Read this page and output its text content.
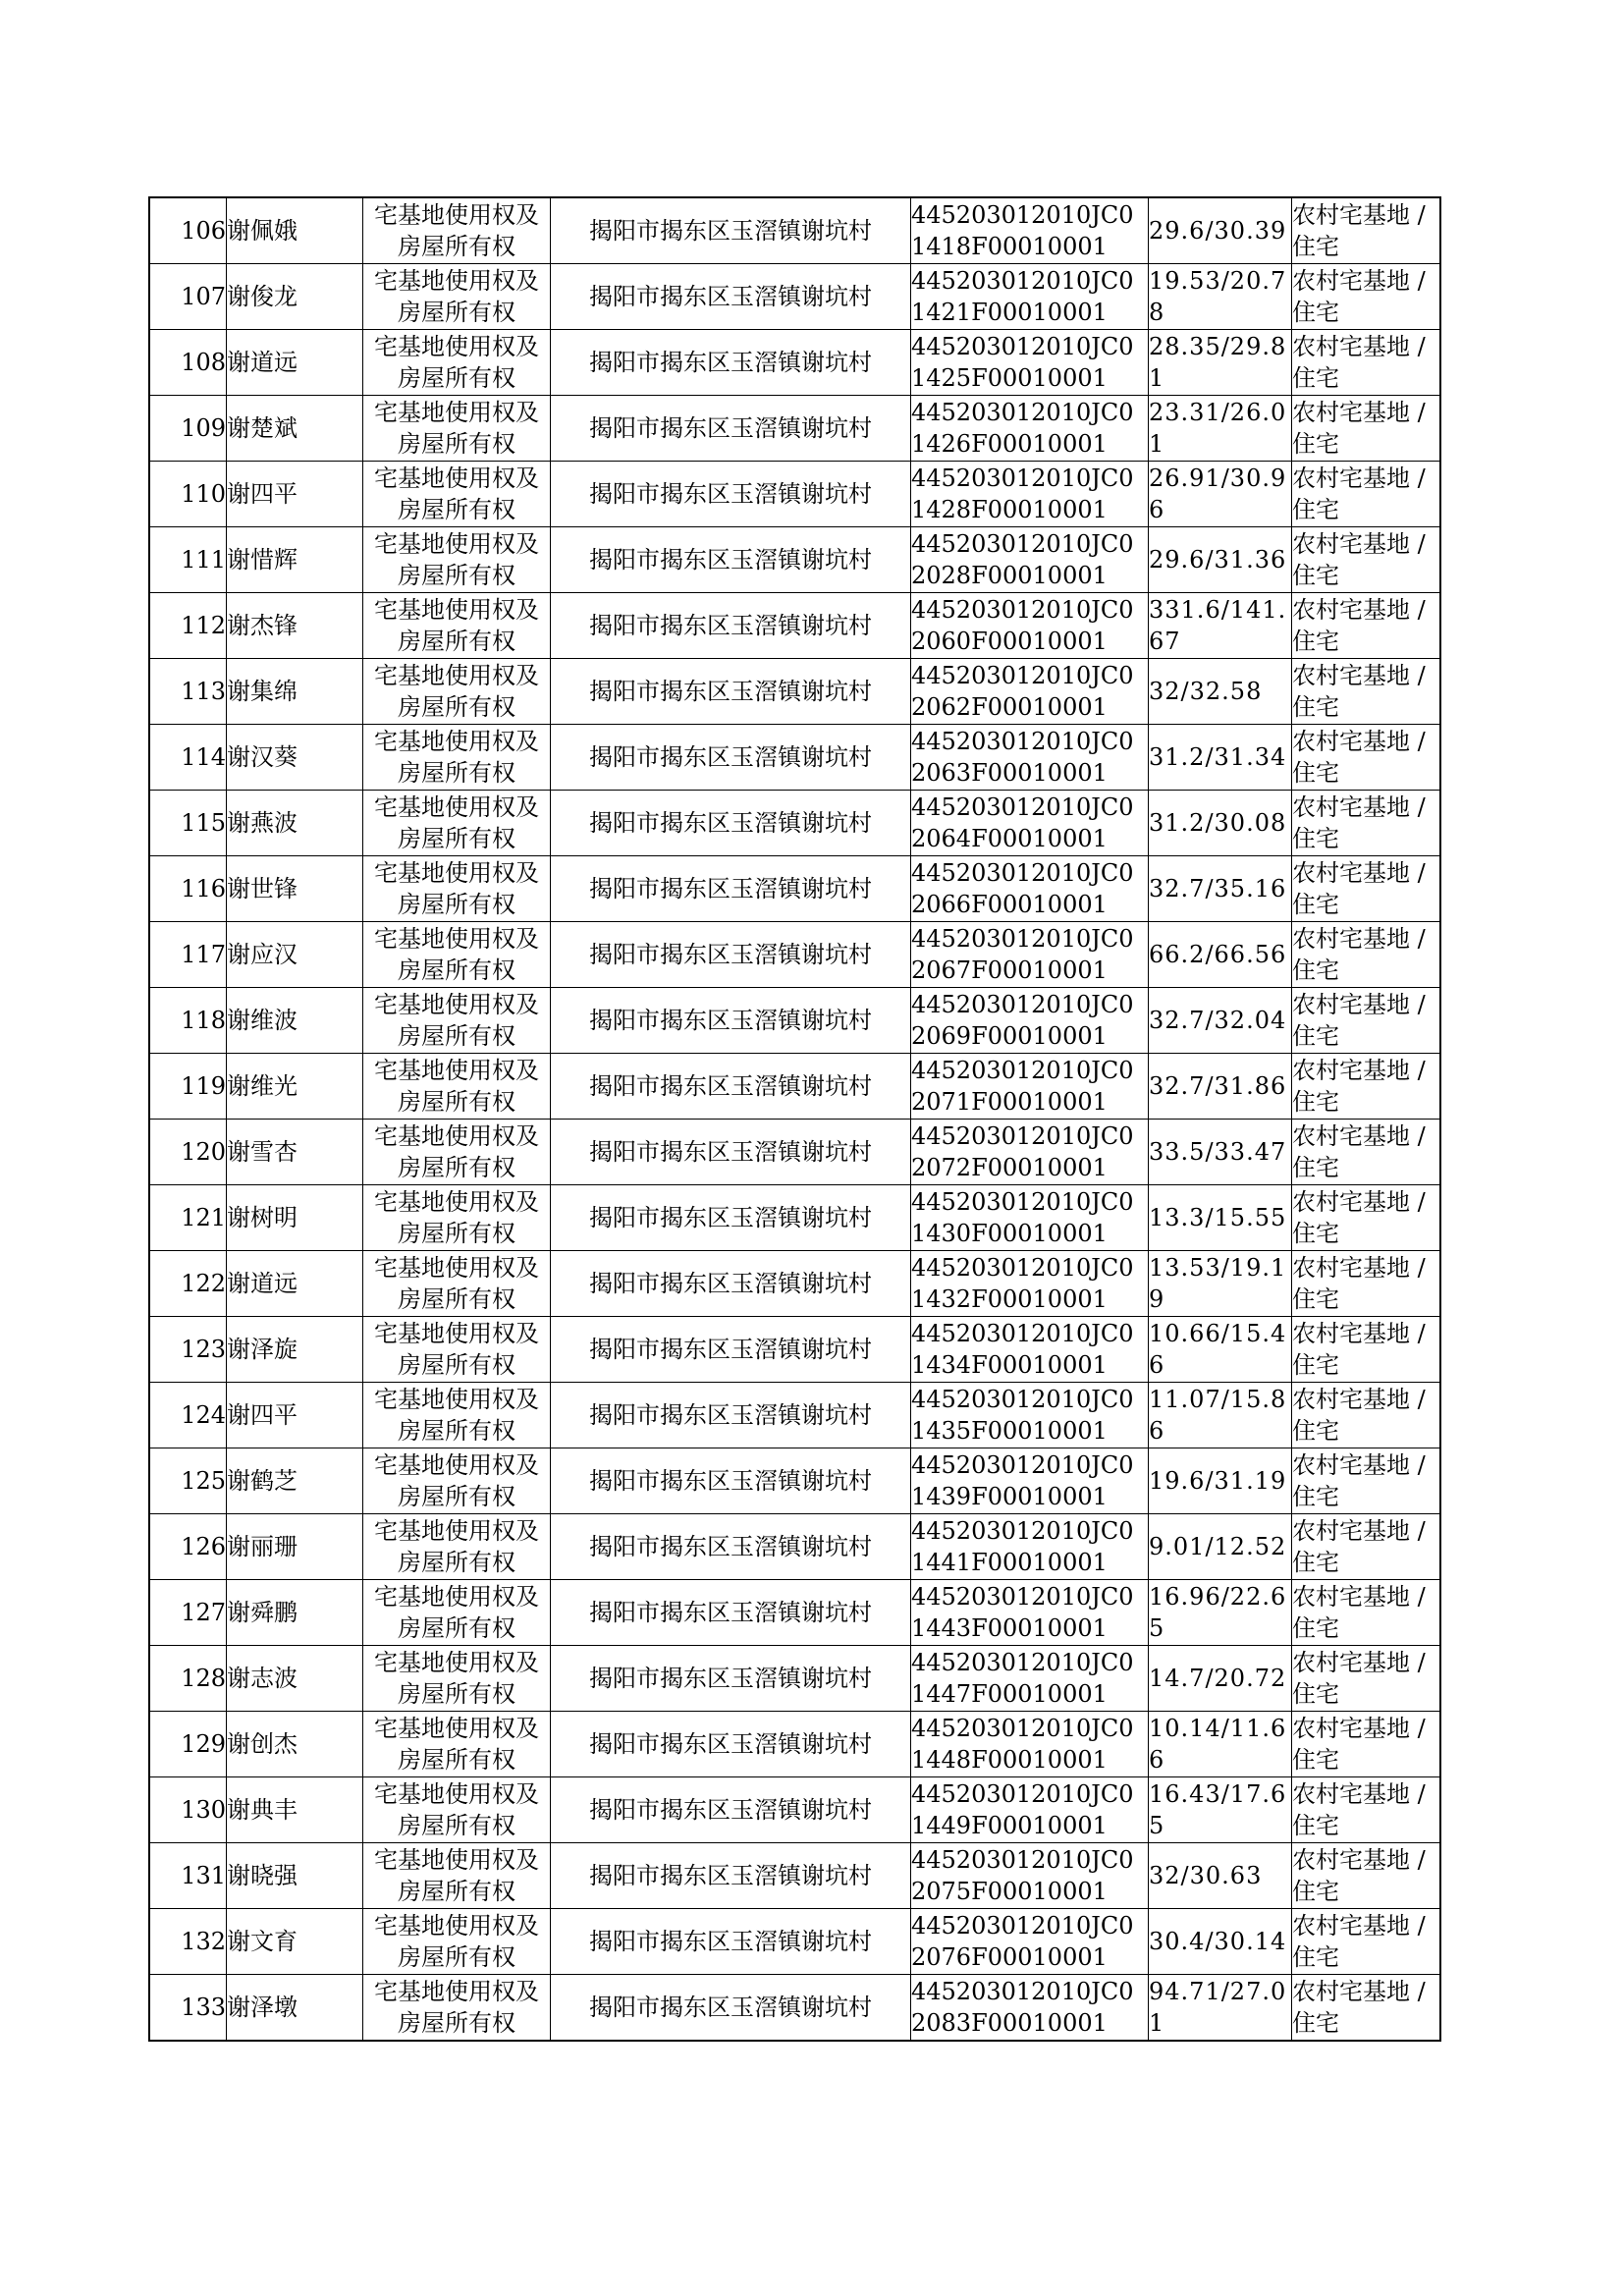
106	谢佩娥	宅基地使用权及房屋所有权	揭阳市揭东区玉滘镇谢坑村	445203012010JC01418F00010001	29.6/30.39	农村宅基地 / 住宅

107	谢俊龙	宅基地使用权及房屋所有权	揭阳市揭东区玉滘镇谢坑村	445203012010JC01421F00010001	19.53/20.78	农村宅基地 / 住宅

108	谢道远	宅基地使用权及房屋所有权	揭阳市揭东区玉滘镇谢坑村	445203012010JC01425F00010001	28.35/29.81	农村宅基地 / 住宅

109	谢楚斌	宅基地使用权及房屋所有权	揭阳市揭东区玉滘镇谢坑村	445203012010JC01426F00010001	23.31/26.01	农村宅基地 / 住宅

110	谢四平	宅基地使用权及房屋所有权	揭阳市揭东区玉滘镇谢坑村	445203012010JC01428F00010001	26.91/30.96	农村宅基地 / 住宅

111	谢惜辉	宅基地使用权及房屋所有权	揭阳市揭东区玉滘镇谢坑村	445203012010JC02028F00010001	29.6/31.36	农村宅基地 / 住宅

112	谢杰锋	宅基地使用权及房屋所有权	揭阳市揭东区玉滘镇谢坑村	445203012010JC02060F00010001	331.6/141.67	农村宅基地 / 住宅

113	谢集绵	宅基地使用权及房屋所有权	揭阳市揭东区玉滘镇谢坑村	445203012010JC02062F00010001	32/32.58	农村宅基地 / 住宅

114	谢汉葵	宅基地使用权及房屋所有权	揭阳市揭东区玉滘镇谢坑村	445203012010JC02063F00010001	31.2/31.34	农村宅基地 / 住宅

115	谢燕波	宅基地使用权及房屋所有权	揭阳市揭东区玉滘镇谢坑村	445203012010JC02064F00010001	31.2/30.08	农村宅基地 / 住宅

116	谢世锋	宅基地使用权及房屋所有权	揭阳市揭东区玉滘镇谢坑村	445203012010JC02066F00010001	32.7/35.16	农村宅基地 / 住宅

117	谢应汉	宅基地使用权及房屋所有权	揭阳市揭东区玉滘镇谢坑村	445203012010JC02067F00010001	66.2/66.56	农村宅基地 / 住宅

118	谢维波	宅基地使用权及房屋所有权	揭阳市揭东区玉滘镇谢坑村	445203012010JC02069F00010001	32.7/32.04	农村宅基地 / 住宅

119	谢维光	宅基地使用权及房屋所有权	揭阳市揭东区玉滘镇谢坑村	445203012010JC02071F00010001	32.7/31.86	农村宅基地 / 住宅

120	谢雪杏	宅基地使用权及房屋所有权	揭阳市揭东区玉滘镇谢坑村	445203012010JC02072F00010001	33.5/33.47	农村宅基地 / 住宅

121	谢树明	宅基地使用权及房屋所有权	揭阳市揭东区玉滘镇谢坑村	445203012010JC01430F00010001	13.3/15.55	农村宅基地 / 住宅

122	谢道远	宅基地使用权及房屋所有权	揭阳市揭东区玉滘镇谢坑村	445203012010JC01432F00010001	13.53/19.19	农村宅基地 / 住宅

123	谢泽旋	宅基地使用权及房屋所有权	揭阳市揭东区玉滘镇谢坑村	445203012010JC01434F00010001	10.66/15.46	农村宅基地 / 住宅

124	谢四平	宅基地使用权及房屋所有权	揭阳市揭东区玉滘镇谢坑村	445203012010JC01435F00010001	11.07/15.86	农村宅基地 / 住宅

125	谢鹤芝	宅基地使用权及房屋所有权	揭阳市揭东区玉滘镇谢坑村	445203012010JC01439F00010001	19.6/31.19	农村宅基地 / 住宅

126	谢丽珊	宅基地使用权及房屋所有权	揭阳市揭东区玉滘镇谢坑村	445203012010JC01441F00010001	9.01/12.52	农村宅基地 / 住宅

127	谢舜鹏	宅基地使用权及房屋所有权	揭阳市揭东区玉滘镇谢坑村	445203012010JC01443F00010001	16.96/22.65	农村宅基地 / 住宅

128	谢志波	宅基地使用权及房屋所有权	揭阳市揭东区玉滘镇谢坑村	445203012010JC01447F00010001	14.7/20.72	农村宅基地 / 住宅

129	谢创杰	宅基地使用权及房屋所有权	揭阳市揭东区玉滘镇谢坑村	445203012010JC01448F00010001	10.14/11.66	农村宅基地 / 住宅

130	谢典丰	宅基地使用权及房屋所有权	揭阳市揭东区玉滘镇谢坑村	445203012010JC01449F00010001	16.43/17.65	农村宅基地 / 住宅

131	谢晓强	宅基地使用权及房屋所有权	揭阳市揭东区玉滘镇谢坑村	445203012010JC02075F00010001	32/30.63	农村宅基地 / 住宅

132	谢文育	宅基地使用权及房屋所有权	揭阳市揭东区玉滘镇谢坑村	445203012010JC02076F00010001	30.4/30.14	农村宅基地 / 住宅

133	谢泽墩	宅基地使用权及房屋所有权	揭阳市揭东区玉滘镇谢坑村	445203012010JC02083F00010001	94.71/27.01	农村宅基地 / 住宅
